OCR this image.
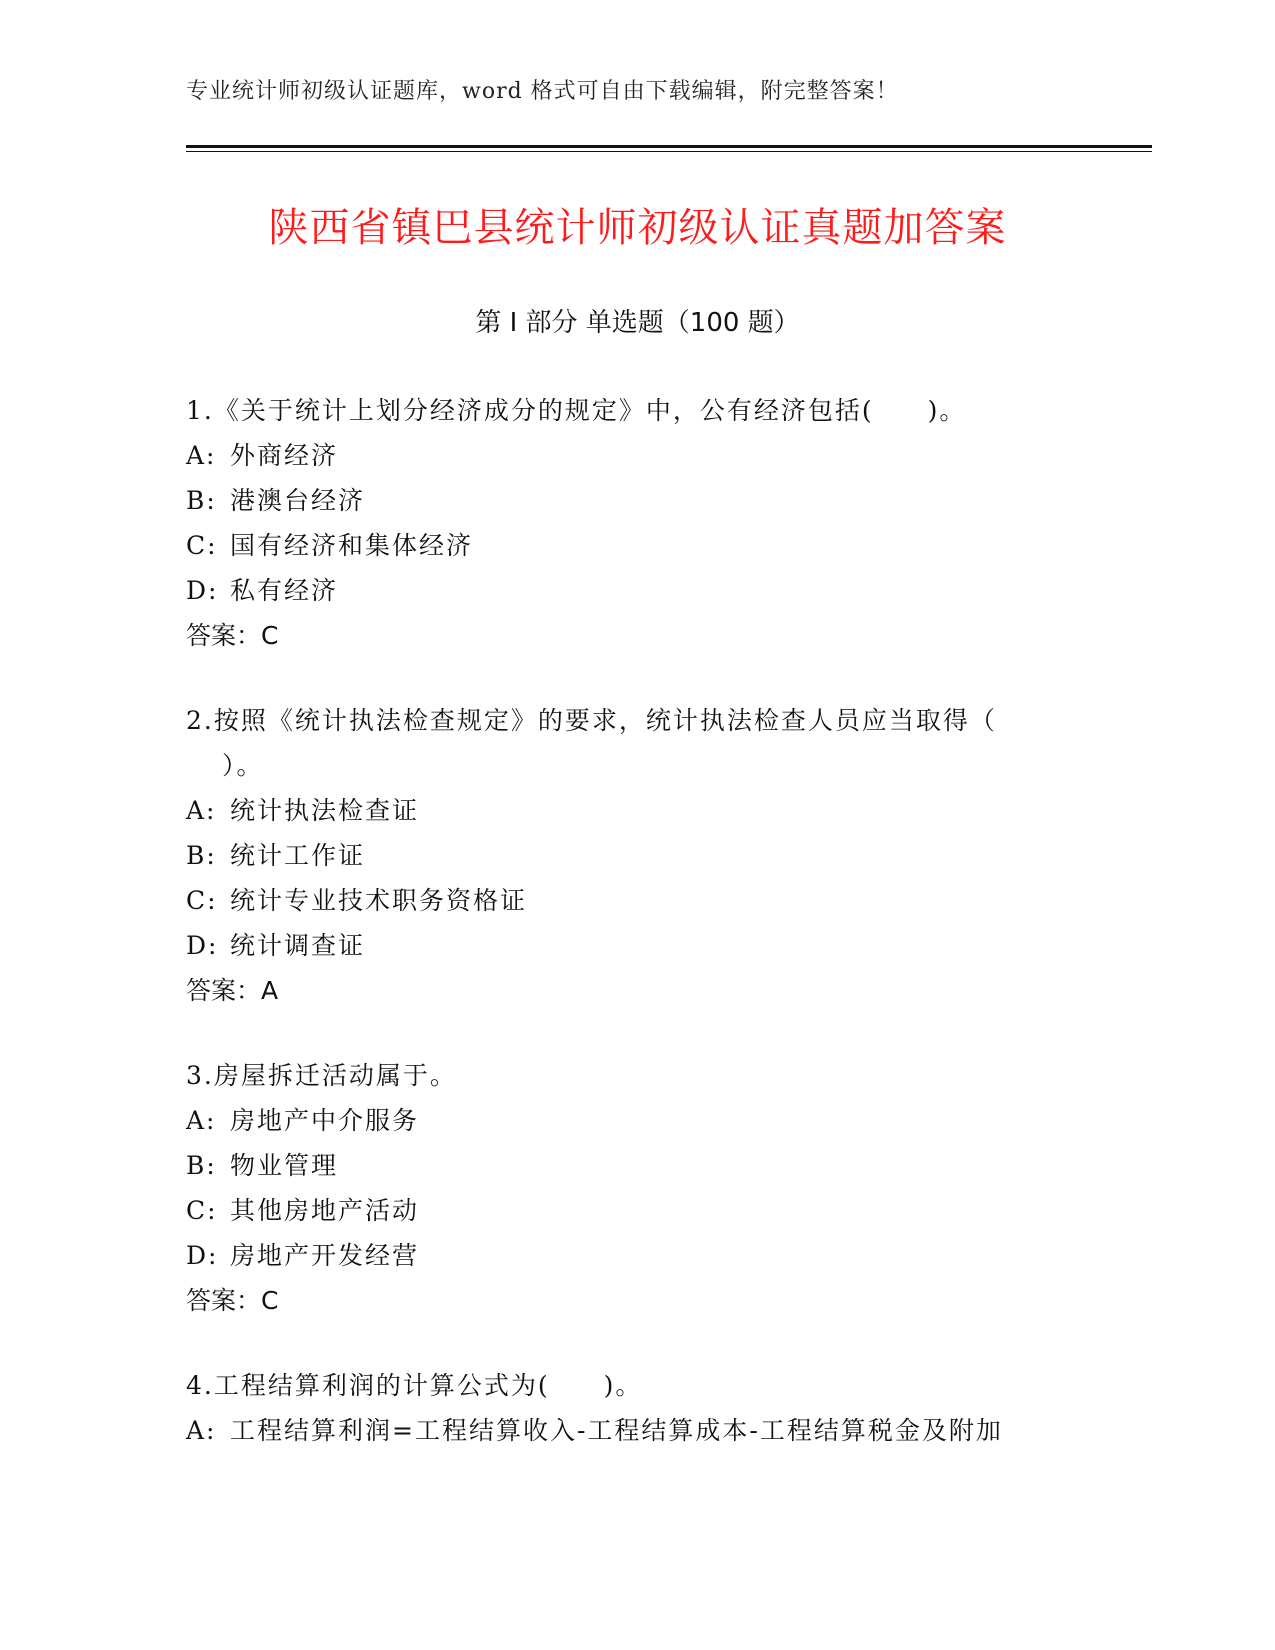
专业统计师初级认证题库，word 格式可自由下载编辑，附完整答案！
陕西省镇巴县统计师初级认证真题加答案
第 I 部分 单选题（100 题）

1.《关于统计上划分经济成分的规定》中，公有经济包括(　　)。

A: 外商经济

B: 港澳台经济

C: 国有经济和集体经济

D: 私有经济

答案：C

2.按照《统计执法检查规定》的要求，统计执法检查人员应当取得（
）。

A: 统计执法检查证

B: 统计工作证

C: 统计专业技术职务资格证

D: 统计调查证

答案：A

3.房屋拆迁活动属于。

A: 房地产中介服务

B: 物业管理

C: 其他房地产活动

D: 房地产开发经营

答案：C

4.工程结算利润的计算公式为(　　)。

A: 工程结算利润=工程结算收入-工程结算成本-工程结算税金及附加
